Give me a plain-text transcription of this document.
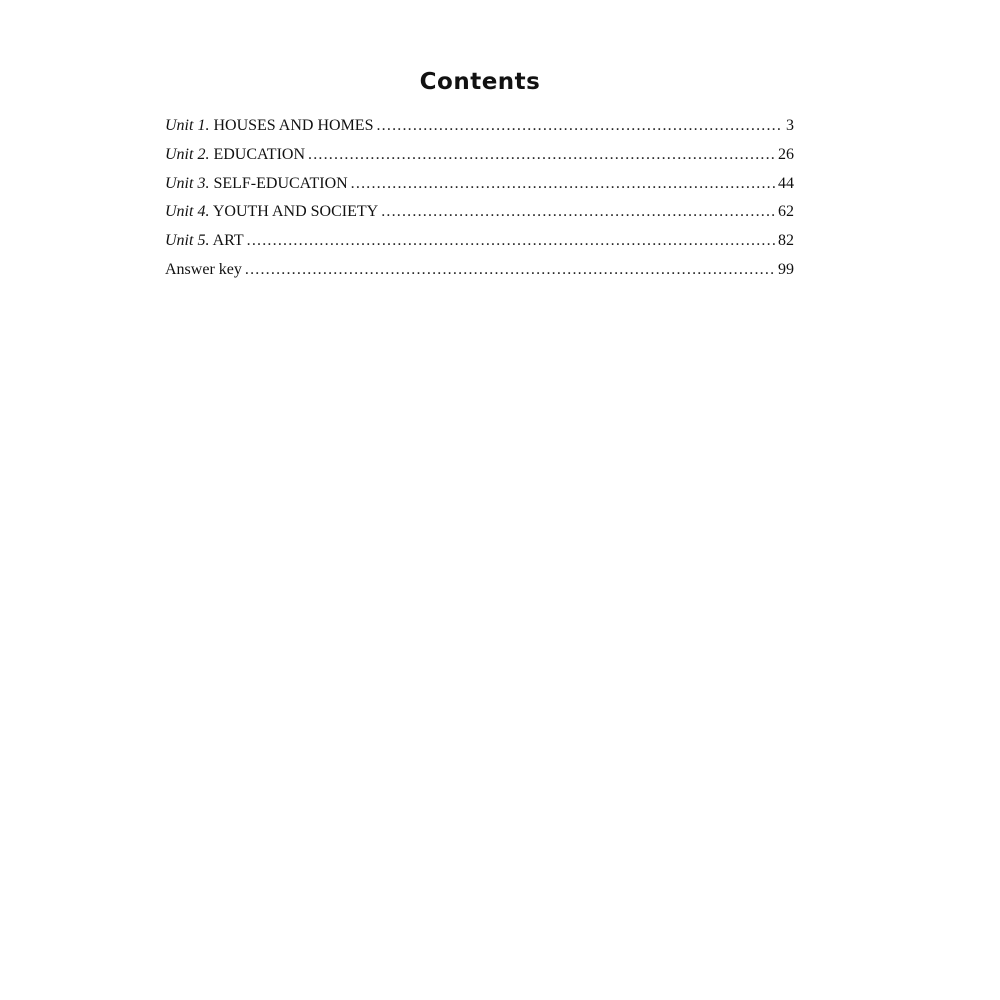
Contents
Unit 1. HOUSES AND HOMES .....	3
Unit 2. EDUCATION .....	26
Unit 3. SELF-EDUCATION .....	44
Unit 4. YOUTH AND SOCIETY .....	62
Unit 5. ART .....	82
Answer key .....	99
